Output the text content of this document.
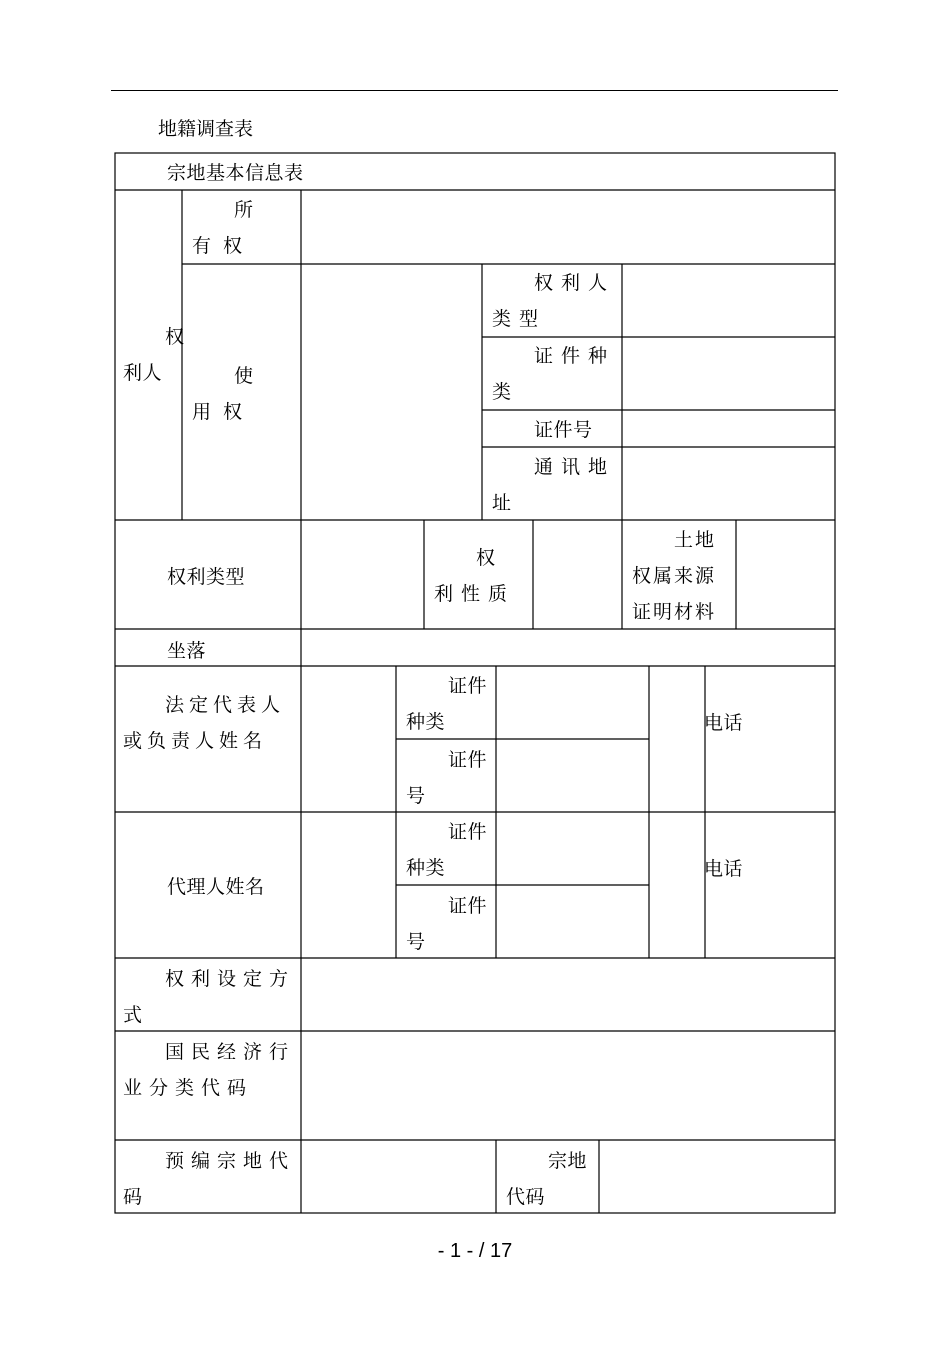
地籍调查表
宗地基本信息表
权利人
所有权
使用权
权利人类型
证件种类
证件号
通讯地址
权利类型
权利性质
土地权属来源证明材料
坐落
法定代表人或负责人姓名
证件种类
证件号
电话
代理人姓名
证件种类
证件号
电话
权利设定方式
国民经济行业分类代码
预编宗地代码
宗地代码
- 1 - / 17
